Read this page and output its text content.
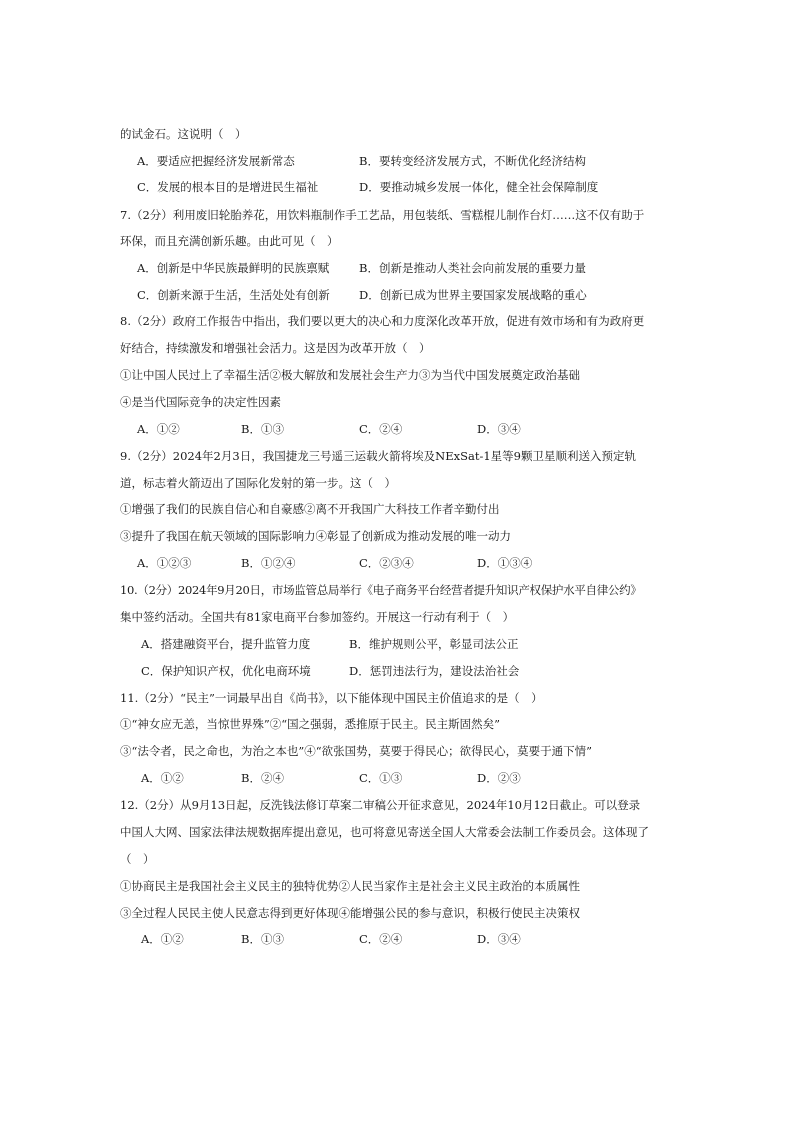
的试金石。这说明（　）
A．要适应把握经济发展新常态	B．要转变经济发展方式，不断优化经济结构
C．发展的根本目的是增进民生福祉	D．要推动城乡发展一体化，健全社会保障制度
7.（2分）利用废旧轮胎养花，用饮料瓶制作手工艺品，用包装纸、雪糕棍儿制作台灯……这不仅有助于
环保，而且充满创新乐趣。由此可见（　）
A．创新是中华民族最鲜明的民族禀赋	B．创新是推动人类社会向前发展的重要力量
C．创新来源于生活，生活处处有创新	D．创新已成为世界主要国家发展战略的重心
8.（2分）政府工作报告中指出，我们要以更大的决心和力度深化改革开放，促进有效市场和有为政府更
好结合，持续激发和增强社会活力。这是因为改革开放（　）
①让中国人民过上了幸福生活②极大解放和发展社会生产力③为当代中国发展奠定政治基础
④是当代国际竞争的决定性因素
A．①②	B．①③	C．②④	D．③④
9.（2分）2024年2月3日，我国捷龙三号遥三运载火箭将埃及NExSat-1星等9颗卫星顺利送入预定轨
道，标志着火箭迈出了国际化发射的第一步。这（　）
①增强了我们的民族自信心和自豪感②离不开我国广大科技工作者辛勤付出
③提升了我国在航天领域的国际影响力④彰显了创新成为推动发展的唯一动力
A．①②③	B．①②④	C．②③④	D．①③④
10.（2分）2024年9月20日，市场监管总局举行《电子商务平台经营者提升知识产权保护水平自律公约》
集中签约活动。全国共有81家电商平台参加签约。开展这一行动有利于（　）
A．搭建融资平台，提升监管力度	B．维护规则公平，彰显司法公正
C．保护知识产权，优化电商环境	D．惩罚违法行为，建设法治社会
11.（2分）“民主”一词最早出自《尚书》，以下能体现中国民主价值追求的是（　）
①“神女应无恙，当惊世界殊”②“国之强弱，悉推原于民主。民主斯固然矣”
③“法令者，民之命也，为治之本也”④“欲张国势，莫要于得民心；欲得民心，莫要于通下情”
A．①②	B．②④	C．①③	D．②③
12.（2分）从9月13日起，反洗钱法修订草案二审稿公开征求意见，2024年10月12日截止。可以登录
中国人大网、国家法律法规数据库提出意见，也可将意见寄送全国人大常委会法制工作委员会。这体现了
（　）
①协商民主是我国社会主义民主的独特优势②人民当家作主是社会主义民主政治的本质属性
③全过程人民民主使人民意志得到更好体现④能增强公民的参与意识，积极行使民主决策权
A．①②	B．①③	C．②④	D．③④
